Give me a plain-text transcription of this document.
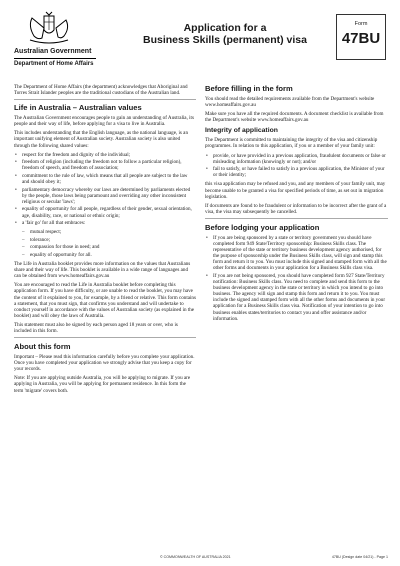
Australian Government
Department of Home Affairs
Application for a
Business Skills (permanent) visa
Form
47BU

The Department of Home Affairs (the department) acknowledges that Aboriginal and Torres Strait Islander peoples are the traditional custodians of the Australian land.

Life in Australia – Australian values

The Australian Government encourages people to gain an understanding of Australia, its people and their way of life, before applying for a visa to live in Australia.

This includes understanding that the English language, as the national language, is an important unifying element of Australian society. Australian society is also united through the following shared values:

• respect for the freedom and dignity of the individual;
• freedom of religion (including the freedom not to follow a particular religion), freedom of speech, and freedom of association;
• commitment to the rule of law, which means that all people are subject to the law and should obey it;
• parliamentary democracy whereby our laws are determined by parliaments elected by the people, those laws being paramount and overriding any other inconsistent religious or secular 'laws';
• equality of opportunity for all people, regardless of their gender, sexual orientation, age, disability, race, or national or ethnic origin;
• a 'fair go' for all that embraces:
– mutual respect;
– tolerance;
– compassion for those in need; and
– equality of opportunity for all.

The Life in Australia booklet provides more information on the values that Australians share and their way of life. This booklet is available in a wide range of languages and can be obtained from www.homeaffairs.gov.au

You are encouraged to read the Life in Australia booklet before completing this application form. If you have difficulty, or are unable to read the booklet, you may have the content of it explained to you, for example, by a friend or relative. This form contains a statement, that you must sign, that confirms you understand and will undertake to conduct yourself in accordance with the values of Australian society (as explained in the booklet) and will obey the laws of Australia.

This statement must also be signed by each person aged 18 years or over, who is included in this form.

About this form

Important – Please read this information carefully before you complete your application. Once you have completed your application we strongly advise that you keep a copy for your records.

Note: If you are applying outside Australia, you will be applying to migrate. If you are applying in Australia, you will be applying for permanent residence. In this form the term 'migrate' covers both.

Before filling in the form

You should read the detailed requirements available from the Department's website www.homeaffairs.gov.au

Make sure you have all the required documents. A document checklist is available from the Department's website www.homeaffairs.gov.au

Integrity of application

The Department is committed to maintaining the integrity of the visa and citizenship programmes. In relation to this application, if you or a member of your family unit:

• provide, or have provided in a previous application, fraudulent documents or false or misleading information (knowingly or not); and/or
• fail to satisfy, or have failed to satisfy in a previous application, the Minister of your or their identity;

this visa application may be refused and you, and any members of your family unit, may become unable to be granted a visa for specified periods of time, as set out in migration legislation.

If documents are found to be fraudulent or information to be incorrect after the grant of a visa, the visa may subsequently be cancelled.

Before lodging your application
• If you are being sponsored by a state or territory government you should have completed form 949 State/Territory sponsorship: Business Skills class. The representative of the state or territory business development agency authorised, for the purpose of sponsorship under the Business Skills class, will sign and stamp this form and return it to you. You must include this signed and stamped form with all the other forms and documents in your application for a Business Skills class visa.
• If you are not being sponsored, you should have completed form 927 State/Territory notification: Business Skills class. You need to complete and send this form to the business development agency in the state or territory in which you intend to go into business. The agency will sign and stamp this form and return it to you. You must include the signed and stamped form with all the other forms and documents in your application for a Business Skills class visa. Notification of your intention to go into business enables states/territories to contact you and offer assistance and/or information.
© COMMONWEALTH OF AUSTRALIA 2021	47BU (Design date 04/21) - Page 1
